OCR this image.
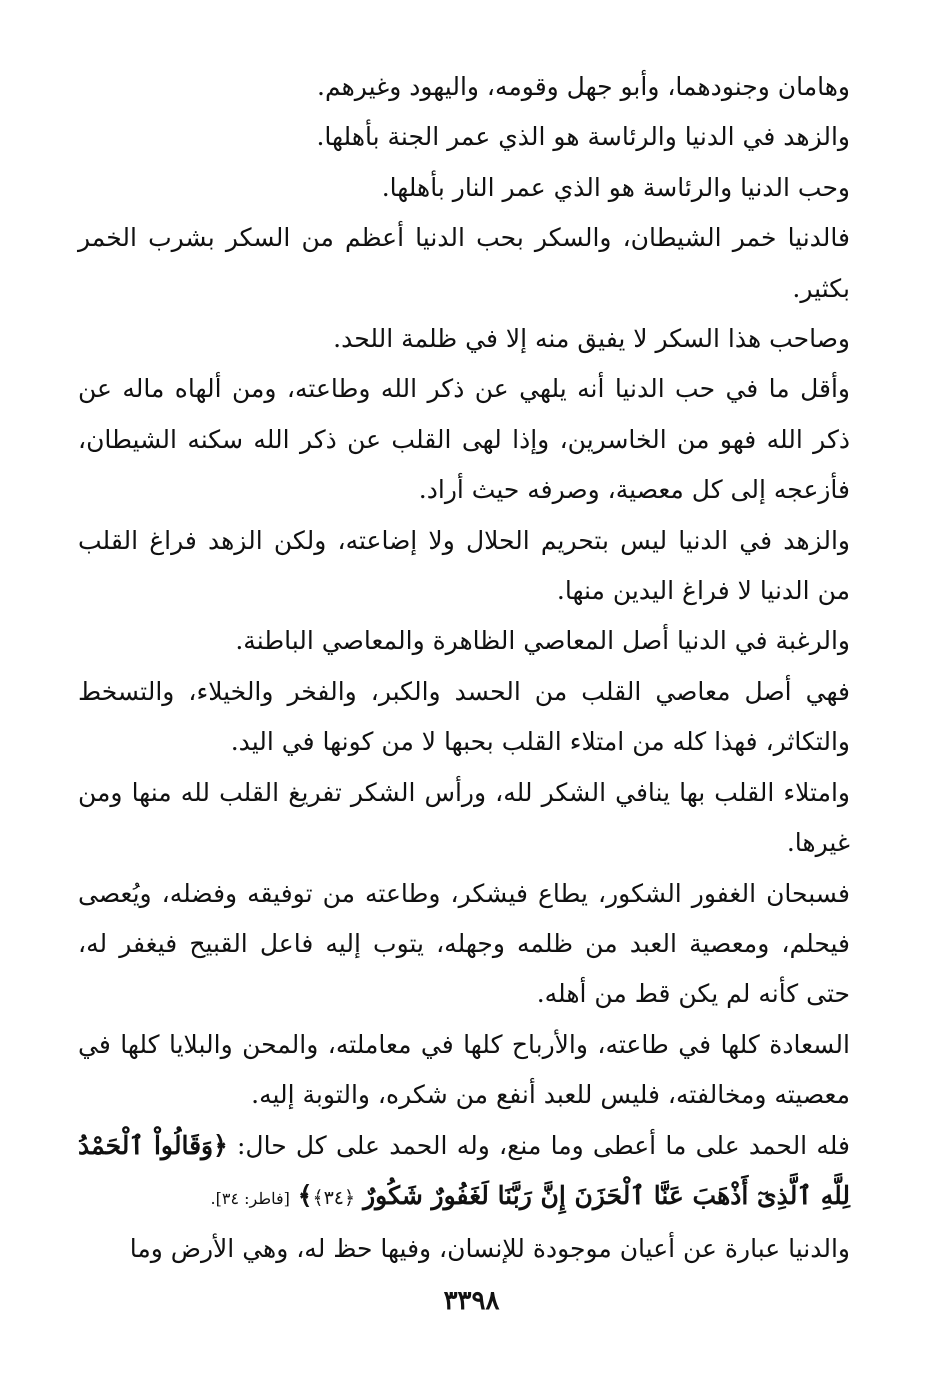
وهامان وجنودهما، وأبو جهل وقومه، واليهود وغيرهم.

والزهد في الدنيا والرئاسة هو الذي عمر الجنة بأهلها.

وحب الدنيا والرئاسة هو الذي عمر النار بأهلها.

فالدنيا خمر الشيطان، والسكر بحب الدنيا أعظم من السكر بشرب الخمر بكثير.

وصاحب هذا السكر لا يفيق منه إلا في ظلمة اللحد.

وأقل ما في حب الدنيا أنه يلهي عن ذكر الله وطاعته، ومن ألهاه ماله عن ذكر الله فهو من الخاسرين، وإذا لهى القلب عن ذكر الله سكنه الشيطان، فأزعجه إلى كل معصية، وصرفه حيث أراد.

والزهد في الدنيا ليس بتحريم الحلال ولا إضاعته، ولكن الزهد فراغ القلب من الدنيا لا فراغ اليدين منها.

والرغبة في الدنيا أصل المعاصي الظاهرة والمعاصي الباطنة.

فهي أصل معاصي القلب من الحسد والكبر، والفخر والخيلاء، والتسخط والتكاثر، فهذا كله من امتلاء القلب بحبها لا من كونها في اليد.

وامتلاء القلب بها ينافي الشكر لله، ورأس الشكر تفريغ القلب لله منها ومن غيرها.

فسبحان الغفور الشكور، يطاع فيشكر، وطاعته من توفيقه وفضله، ويُعصى فيحلم، ومعصية العبد من ظلمه وجهله، يتوب إليه فاعل القبيح فيغفر له، حتى كأنه لم يكن قط من أهله.

السعادة كلها في طاعته، والأرباح كلها في معاملته، والمحن والبلايا كلها في معصيته ومخالفته، فليس للعبد أنفع من شكره، والتوبة إليه.

فله الحمد على ما أعطى وما منع، وله الحمد على كل حال: ﴿وَقَالُواْ ٱلْحَمْدُ لِلَّهِ ٱلَّذِىٓ أَذْهَبَ عَنَّا ٱلْحَزَنَ إِنَّ رَبَّنَا لَغَفُورٌ شَكُورٌ ﴿٣٤﴾﴾ [فاطر: ٣٤].

والدنيا عبارة عن أعيان موجودة للإنسان، وفيها حظ له، وهي الأرض وما

٣٣٩٨
